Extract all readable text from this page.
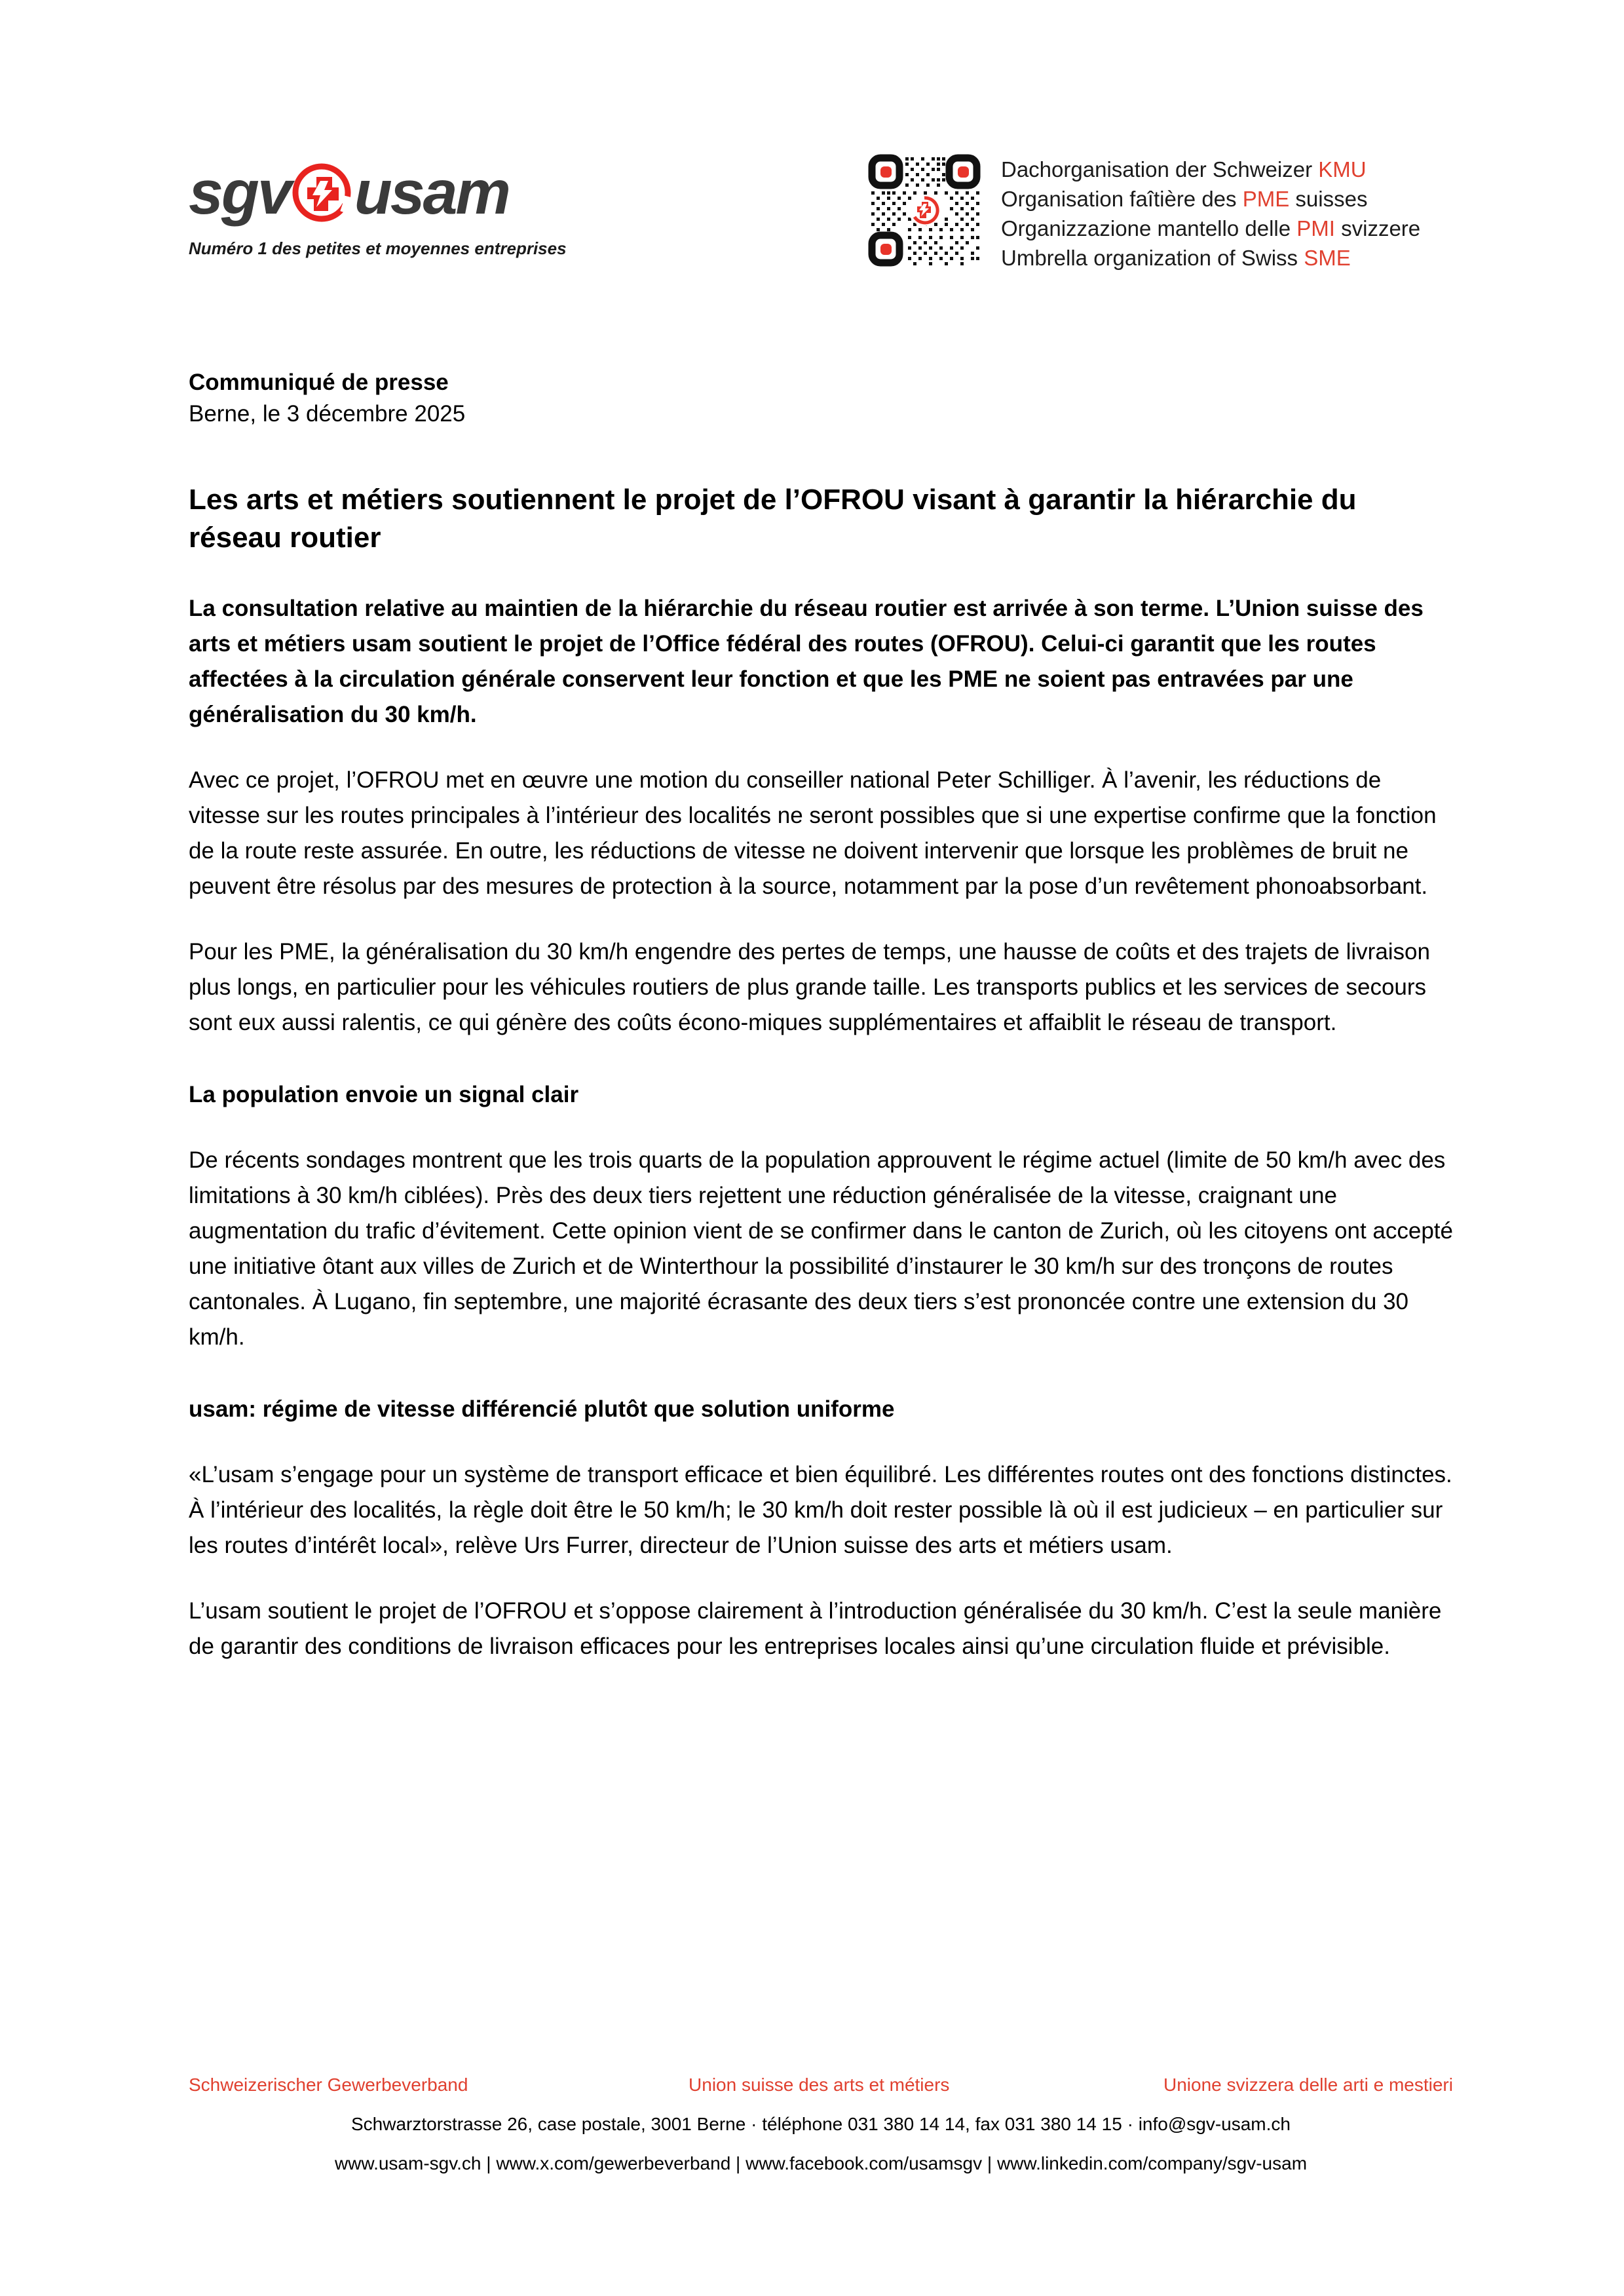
sgv usam
Numéro 1 des petites et moyennes entreprises
Dachorganisation der Schweizer KMU
Organisation faîtière des PME suisses
Organizzazione mantello delle PMI svizzere
Umbrella organization of Swiss SME
Communiqué de presse
Berne, le 3 décembre 2025
Les arts et métiers soutiennent le projet de l’OFROU visant à garantir la hiérarchie du réseau routier

La consultation relative au maintien de la hiérarchie du réseau routier est arrivée à son terme. L’Union suisse des arts et métiers usam soutient le projet de l’Office fédéral des routes (OFROU). Celui-ci garantit que les routes affectées à la circulation générale conservent leur fonction et que les PME ne soient pas entravées par une généralisation du 30 km/h.

Avec ce projet, l’OFROU met en œuvre une motion du conseiller national Peter Schilliger. À l’avenir, les réductions de vitesse sur les routes principales à l’intérieur des localités ne seront possibles que si une expertise confirme que la fonction de la route reste assurée. En outre, les réductions de vitesse ne doivent intervenir que lorsque les problèmes de bruit ne peuvent être résolus par des mesures de protection à la source, notamment par la pose d’un revêtement phonoabsorbant.

Pour les PME, la généralisation du 30 km/h engendre des pertes de temps, une hausse de coûts et des trajets de livraison plus longs, en particulier pour les véhicules routiers de plus grande taille. Les transports publics et les services de secours sont eux aussi ralentis, ce qui génère des coûts écono-miques supplémentaires et affaiblit le réseau de transport.

La population envoie un signal clair

De récents sondages montrent que les trois quarts de la population approuvent le régime actuel (limite de 50 km/h avec des limitations à 30 km/h ciblées). Près des deux tiers rejettent une réduction généralisée de la vitesse, craignant une augmentation du trafic d’évitement. Cette opinion vient de se confirmer dans le canton de Zurich, où les citoyens ont accepté une initiative ôtant aux villes de Zurich et de Winterthour la possibilité d’instaurer le 30 km/h sur des tronçons de routes cantonales. À Lugano, fin septembre, une majorité écrasante des deux tiers s’est prononcée contre une extension du 30 km/h.

usam: régime de vitesse différencié plutôt que solution uniforme

«L’usam s’engage pour un système de transport efficace et bien équilibré. Les différentes routes ont des fonctions distinctes. À l’intérieur des localités, la règle doit être le 50 km/h; le 30 km/h doit rester possible là où il est judicieux – en particulier sur les routes d’intérêt local», relève Urs Furrer, directeur de l’Union suisse des arts et métiers usam.

L’usam soutient le projet de l’OFROU et s’oppose clairement à l’introduction généralisée du 30 km/h. C’est la seule manière de garantir des conditions de livraison efficaces pour les entreprises locales ainsi qu’une circulation fluide et prévisible.

Schweizerischer Gewerbeverband	Union suisse des arts et métiers	Unione svizzera delle arti e mestieri
Schwarztorstrasse 26, case postale, 3001 Berne · téléphone 031 380 14 14, fax 031 380 14 15 · info@sgv-usam.ch
www.usam-sgv.ch | www.x.com/gewerbeverband | www.facebook.com/usamsgv | www.linkedin.com/company/sgv-usam
